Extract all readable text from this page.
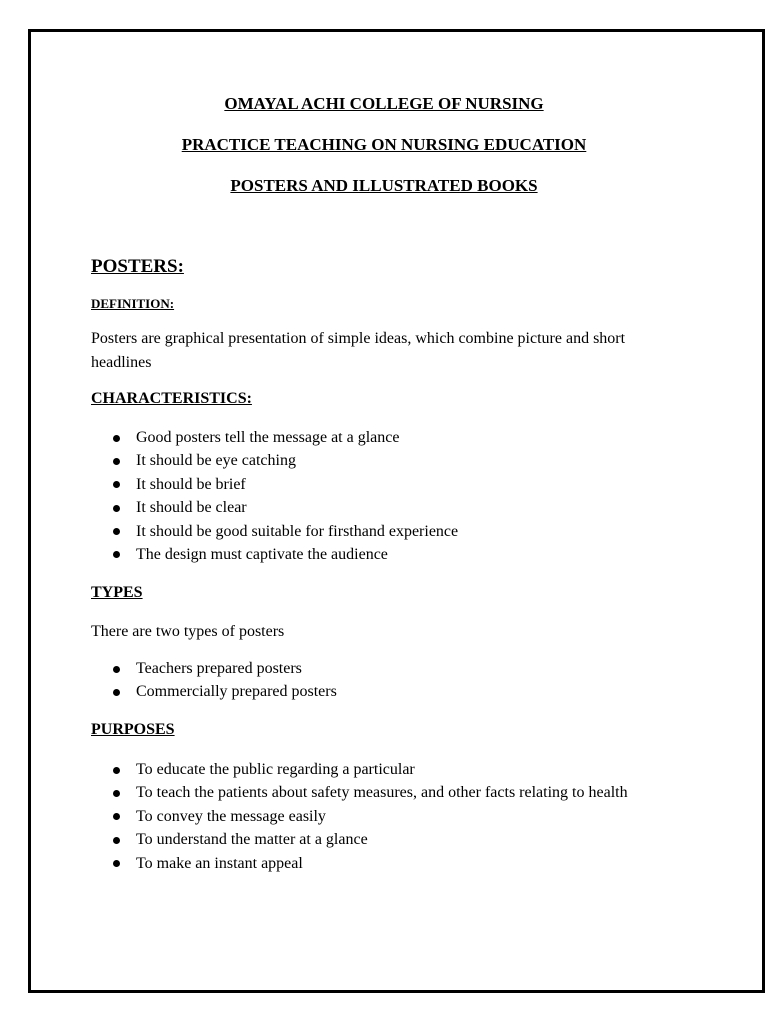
OMAYAL ACHI COLLEGE OF NURSING
PRACTICE TEACHING ON NURSING EDUCATION
POSTERS AND ILLUSTRATED BOOKS
POSTERS:
DEFINITION:
Posters are graphical presentation of simple ideas, which combine picture and short
headlines
CHARACTERISTICS:
Good posters tell the message at a glance
It should be eye catching
It should be brief
It should be clear
It should be good suitable for firsthand experience
The design must captivate the audience
TYPES
There are two types of posters
Teachers prepared posters
Commercially prepared posters
PURPOSES
To educate the public regarding a particular
To teach the patients about safety measures, and other facts relating to health
To convey the message easily
To understand the matter at a glance
To make an instant appeal
